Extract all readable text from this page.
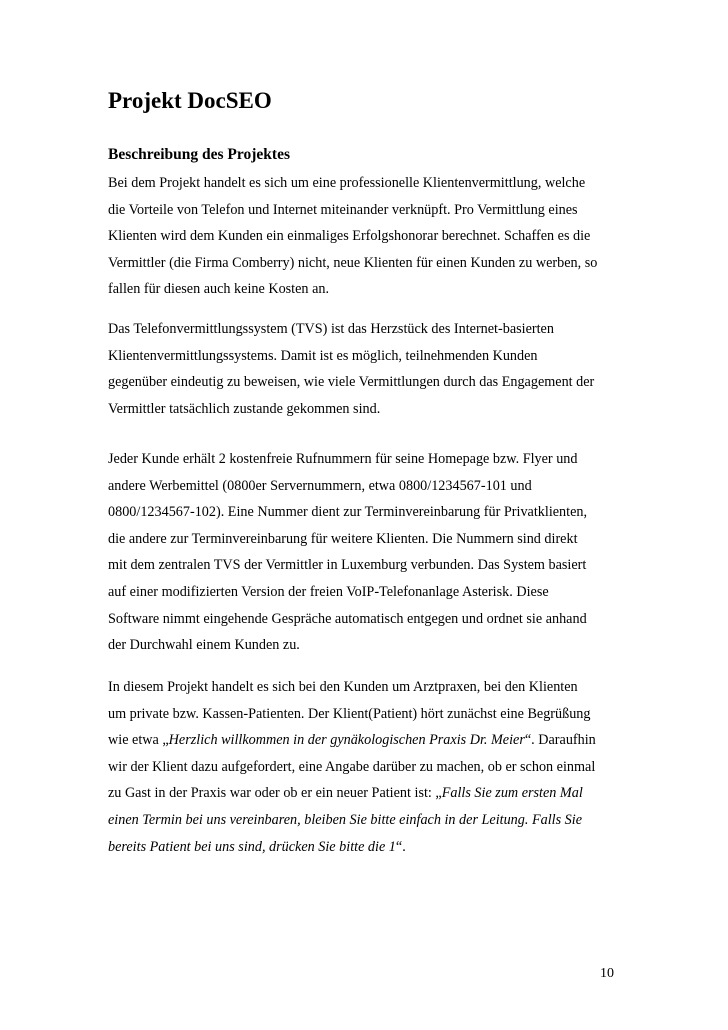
Projekt DocSEO
Beschreibung des Projektes

Bei dem Projekt handelt es sich um eine professionelle Klientenvermittlung, welche
die Vorteile von Telefon und Internet miteinander verknüpft. Pro Vermittlung eines
Klienten wird dem Kunden ein einmaliges Erfolgshonorar berechnet. Schaffen es die
Vermittler (die Firma Comberry) nicht, neue Klienten für einen Kunden zu werben, so
fallen für diesen auch keine Kosten an.

Das Telefonvermittlungssystem (TVS) ist das Herzstück des Internet-basierten
Klientenvermittlungssystems. Damit ist es möglich, teilnehmenden Kunden
gegenüber eindeutig zu beweisen, wie viele Vermittlungen durch das Engagement der
Vermittler tatsächlich zustande gekommen sind.

Jeder Kunde erhält 2 kostenfreie Rufnummern für seine Homepage bzw. Flyer und
andere Werbemittel (0800er Servernummern, etwa 0800/1234567-101 und
0800/1234567-102). Eine Nummer dient zur Terminvereinbarung für Privatklienten,
die andere zur Terminvereinbarung für weitere Klienten. Die Nummern sind direkt
mit dem zentralen TVS der Vermittler in Luxemburg verbunden. Das System basiert
auf einer modifizierten Version der freien VoIP-Telefonanlage Asterisk. Diese
Software nimmt eingehende Gespräche automatisch entgegen und ordnet sie anhand
der Durchwahl einem Kunden zu.

In diesem Projekt handelt es sich bei den Kunden um Arztpraxen, bei den Klienten
um private bzw. Kassen-Patienten. Der Klient(Patient) hört zunächst eine Begrüßung
wie etwa „Herzlich willkommen in der gynäkologischen Praxis Dr. Meier“. Daraufhin
wir der Klient dazu aufgefordert, eine Angabe darüber zu machen, ob er schon einmal
zu Gast in der Praxis war oder ob er ein neuer Patient ist: „Falls Sie zum ersten Mal
einen Termin bei uns vereinbaren, bleiben Sie bitte einfach in der Leitung. Falls Sie
bereits Patient bei uns sind, drücken Sie bitte die 1“.

10
